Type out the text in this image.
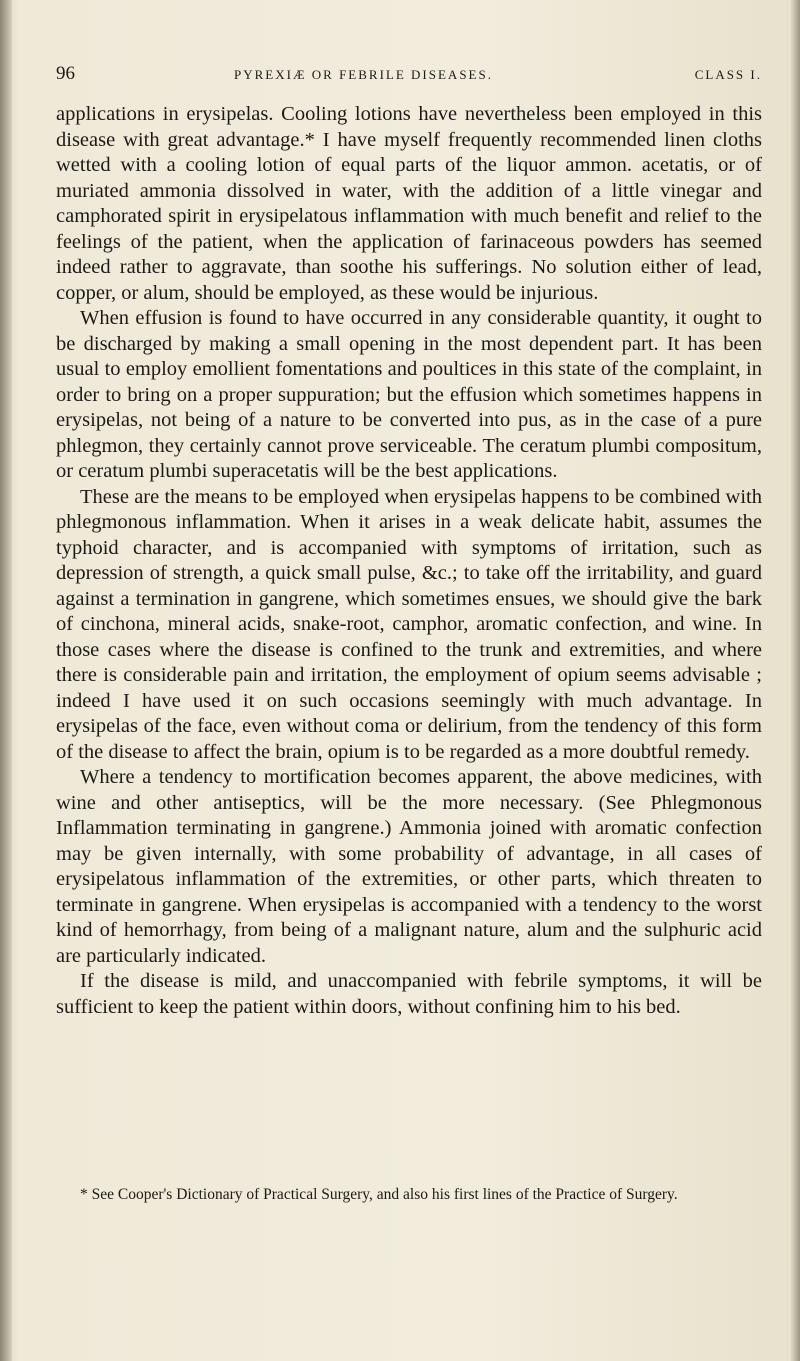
96	PYREXIÆ OR FEBRILE DISEASES.	CLASS I.

applications in erysipelas. Cooling lotions have nevertheless been employed in this disease with great advantage.* I have myself frequently recommended linen cloths wetted with a cooling lotion of equal parts of the liquor ammon. acetatis, or of muriated ammonia dissolved in water, with the addition of a little vinegar and camphorated spirit in erysipelatous inflammation with much benefit and relief to the feelings of the patient, when the application of farinaceous powders has seemed indeed rather to aggravate, than soothe his sufferings. No solution either of lead, copper, or alum, should be employed, as these would be injurious.

When effusion is found to have occurred in any considerable quantity, it ought to be discharged by making a small opening in the most dependent part. It has been usual to employ emollient fomentations and poultices in this state of the complaint, in order to bring on a proper suppuration; but the effusion which sometimes happens in erysipelas, not being of a nature to be converted into pus, as in the case of a pure phlegmon, they certainly cannot prove serviceable. The ceratum plumbi compositum, or ceratum plumbi superacetatis will be the best applications.

These are the means to be employed when erysipelas happens to be combined with phlegmonous inflammation. When it arises in a weak delicate habit, assumes the typhoid character, and is accompanied with symptoms of irritation, such as depression of strength, a quick small pulse, &c.; to take off the irritability, and guard against a termination in gangrene, which sometimes ensues, we should give the bark of cinchona, mineral acids, snake-root, camphor, aromatic confection, and wine. In those cases where the disease is confined to the trunk and extremities, and where there is considerable pain and irritation, the employment of opium seems advisable ; indeed I have used it on such occasions seemingly with much advantage. In erysipelas of the face, even without coma or delirium, from the tendency of this form of the disease to affect the brain, opium is to be regarded as a more doubtful remedy.

Where a tendency to mortification becomes apparent, the above medicines, with wine and other antiseptics, will be the more necessary. (See Phlegmonous Inflammation terminating in gangrene.) Ammonia joined with aromatic confection may be given internally, with some probability of advantage, in all cases of erysipelatous inflammation of the extremities, or other parts, which threaten to terminate in gangrene. When erysipelas is accompanied with a tendency to the worst kind of hemorrhagy, from being of a malignant nature, alum and the sulphuric acid are particularly indicated.

If the disease is mild, and unaccompanied with febrile symptoms, it will be sufficient to keep the patient within doors, without confining him to his bed.

* See Cooper's Dictionary of Practical Surgery, and also his first lines of the Practice of Surgery.
